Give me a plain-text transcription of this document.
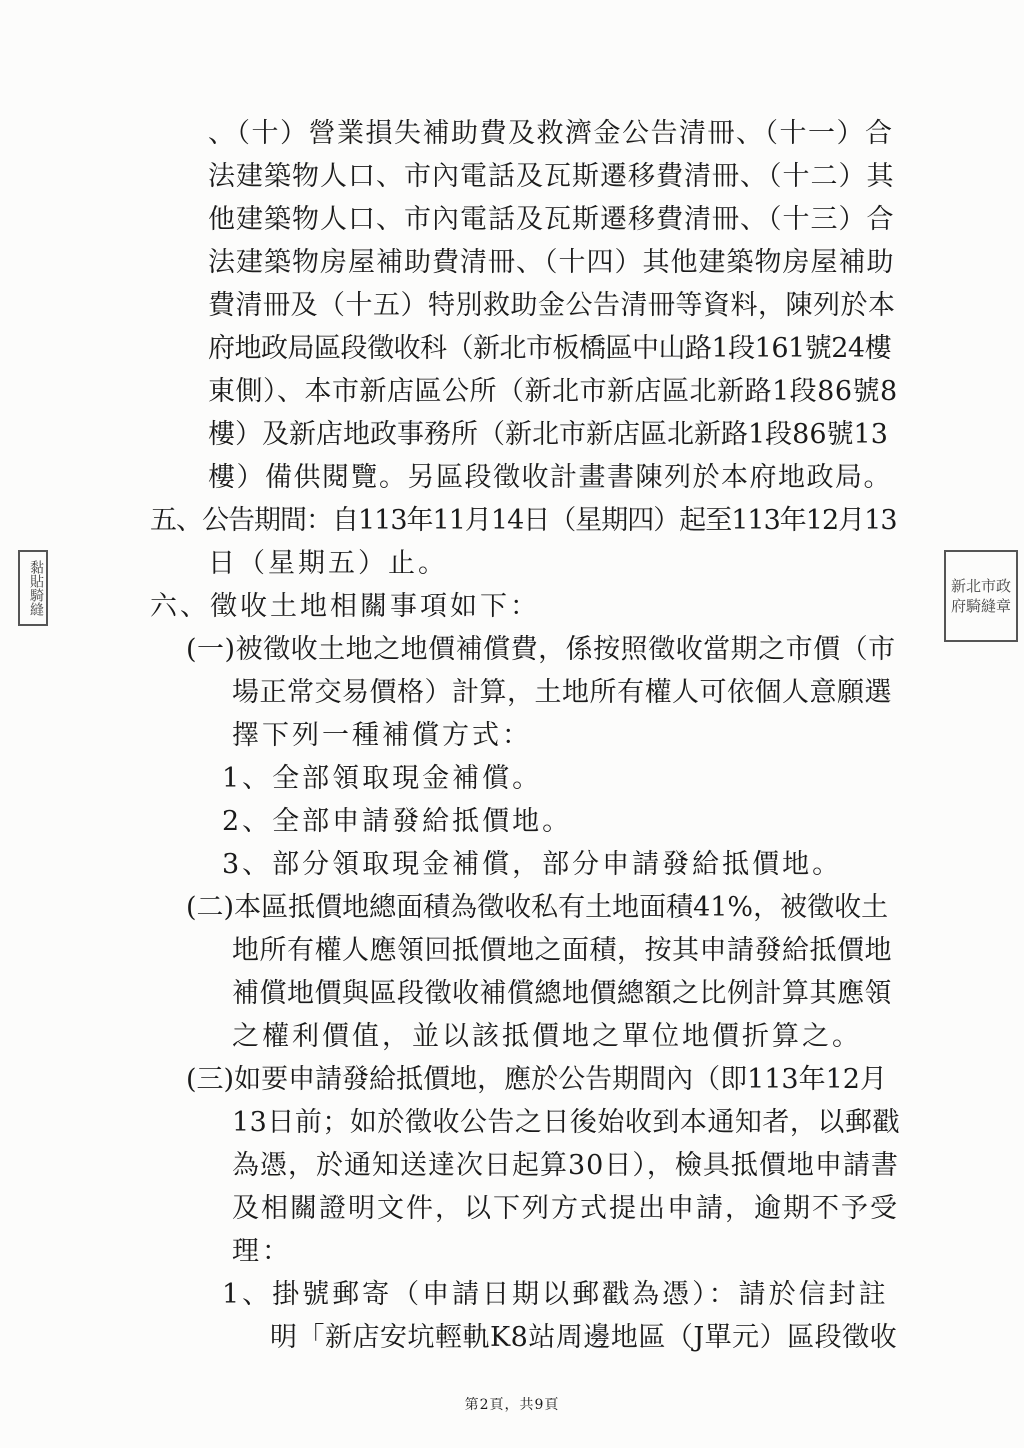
黏貼騎縫	新北市政府騎縫章

、（十）營業損失補助費及救濟金公告清冊、（十一）合

法建築物人口、市內電話及瓦斯遷移費清冊、（十二）其

他建築物人口、市內電話及瓦斯遷移費清冊、（十三）合

法建築物房屋補助費清冊、（十四）其他建築物房屋補助

費清冊及（十五）特別救助金公告清冊等資料，陳列於本

府地政局區段徵收科（新北市板橋區中山路1段161號24樓

東側）、本市新店區公所（新北市新店區北新路1段86號8

樓）及新店地政事務所（新北市新店區北新路1段86號13

樓）備供閱覽。另區段徵收計畫書陳列於本府地政局。

五、公告期間：自113年11月14日（星期四）起至113年12月13

日（星期五）止。

六、徵收土地相關事項如下：

(一)被徵收土地之地價補償費，係按照徵收當期之市價（市

場正常交易價格）計算，土地所有權人可依個人意願選

擇下列一種補償方式：

1、全部領取現金補償。

2、全部申請發給抵價地。

3、部分領取現金補償，部分申請發給抵價地。

(二)本區抵價地總面積為徵收私有土地面積41%，被徵收土

地所有權人應領回抵價地之面積，按其申請發給抵價地

補償地價與區段徵收補償總地價總額之比例計算其應領

之權利價值，並以該抵價地之單位地價折算之。

(三)如要申請發給抵價地，應於公告期間內（即113年12月

13日前；如於徵收公告之日後始收到本通知者，以郵戳

為憑，於通知送達次日起算30日），檢具抵價地申請書

及相關證明文件，以下列方式提出申請，逾期不予受

理：

1、掛號郵寄（申請日期以郵戳為憑）：請於信封註

明「新店安坑輕軌K8站周邊地區（J單元）區段徵收

第2頁，共9頁
